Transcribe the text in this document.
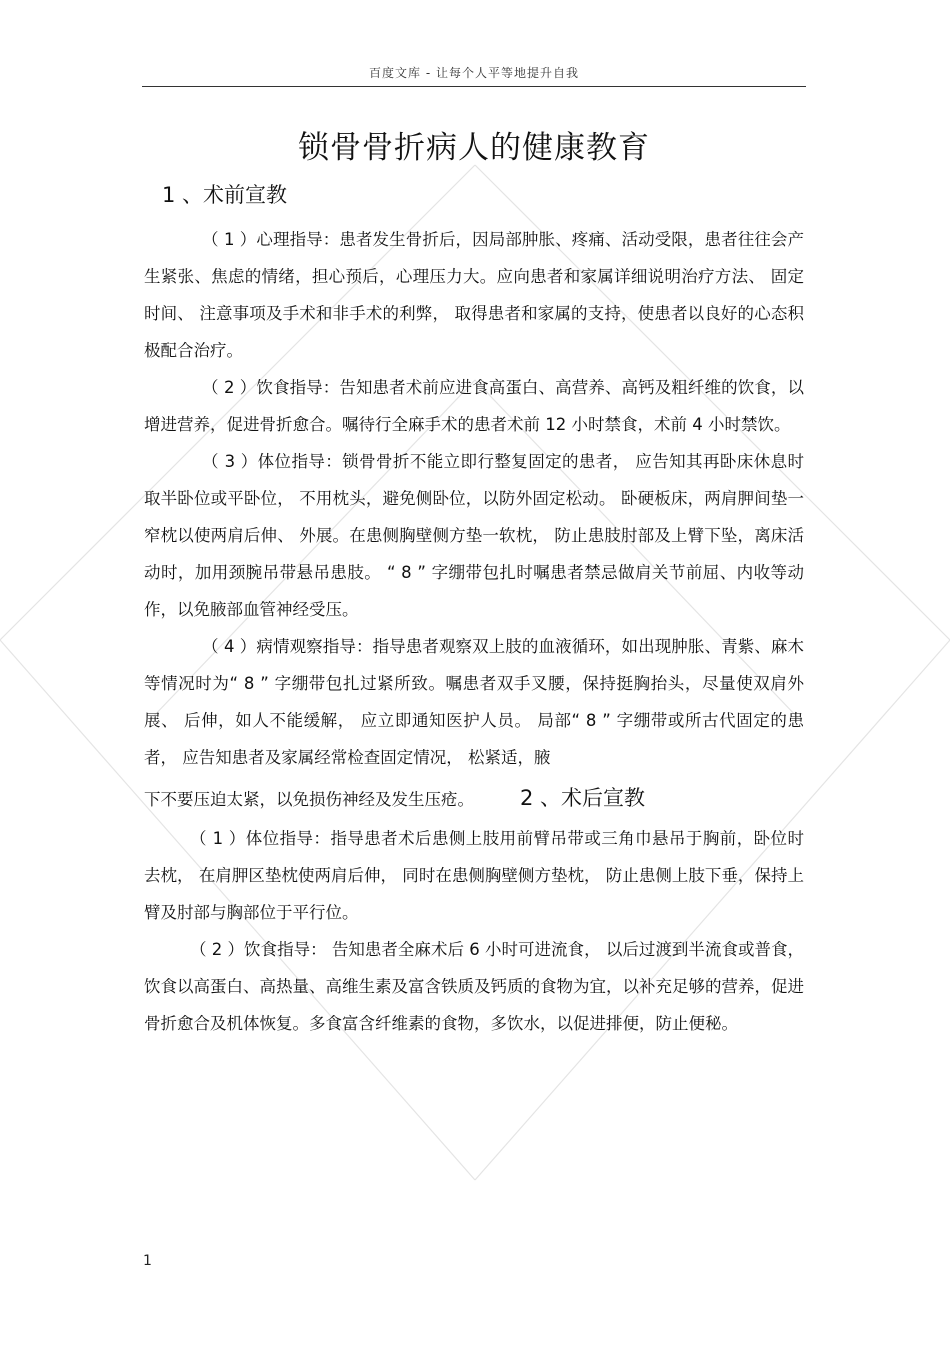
百度文库 - 让每个人平等地提升自我
锁骨骨折病人的健康教育
1 、术前宣教

（ 1 ）心理指导：患者发生骨折后，因局部肿胀、疼痛、活动受限，患者往往会产生紧张、焦虑的情绪，担心预后，心理压力大。应向患者和家属详细说明治疗方法、 固定时间、 注意事项及手术和非手术的利弊， 取得患者和家属的支持，使患者以良好的心态积极配合治疗。

（ 2 ）饮食指导：告知患者术前应进食高蛋白、高营养、高钙及粗纤维的饮食，以增进营养，促进骨折愈合。嘱待行全麻手术的患者术前 12 小时禁食，术前 4 小时禁饮。

（ 3 ）体位指导：锁骨骨折不能立即行整复固定的患者， 应告知其再卧床休息时取半卧位或平卧位， 不用枕头，避免侧卧位，以防外固定松动。 卧硬板床，两肩胛间垫一窄枕以使两肩后伸、 外展。在患侧胸壁侧方垫一软枕， 防止患肢肘部及上臂下坠，离床活动时，加用颈腕吊带悬吊患肢。 “ 8 ” 字绷带包扎时嘱患者禁忌做肩关节前屈、内收等动作，以免腋部血管神经受压。

（ 4 ）病情观察指导：指导患者观察双上肢的血液循环，如出现肿胀、青紫、麻木等情况时为“ 8 ” 字绷带包扎过紧所致。嘱患者双手叉腰，保持挺胸抬头，尽量使双肩外展、 后伸，如人不能缓解， 应立即通知医护人员。 局部“ 8 ” 字绷带或所古代固定的患者， 应告知患者及家属经常检查固定情况， 松紧适，腋

下不要压迫太紧，以免损伤神经及发生压疮。 2 、术后宣教

（ 1 ）体位指导：指导患者术后患侧上肢用前臂吊带或三角巾悬吊于胸前，卧位时去枕， 在肩胛区垫枕使两肩后伸， 同时在患侧胸壁侧方垫枕， 防止患侧上肢下垂，保持上臂及肘部与胸部位于平行位。

（ 2 ）饮食指导： 告知患者全麻术后 6 小时可进流食， 以后过渡到半流食或普食，饮食以高蛋白、高热量、高维生素及富含铁质及钙质的食物为宜，以补充足够的营养，促进骨折愈合及机体恢复。多食富含纤维素的食物，多饮水，以促进排便，防止便秘。

1
